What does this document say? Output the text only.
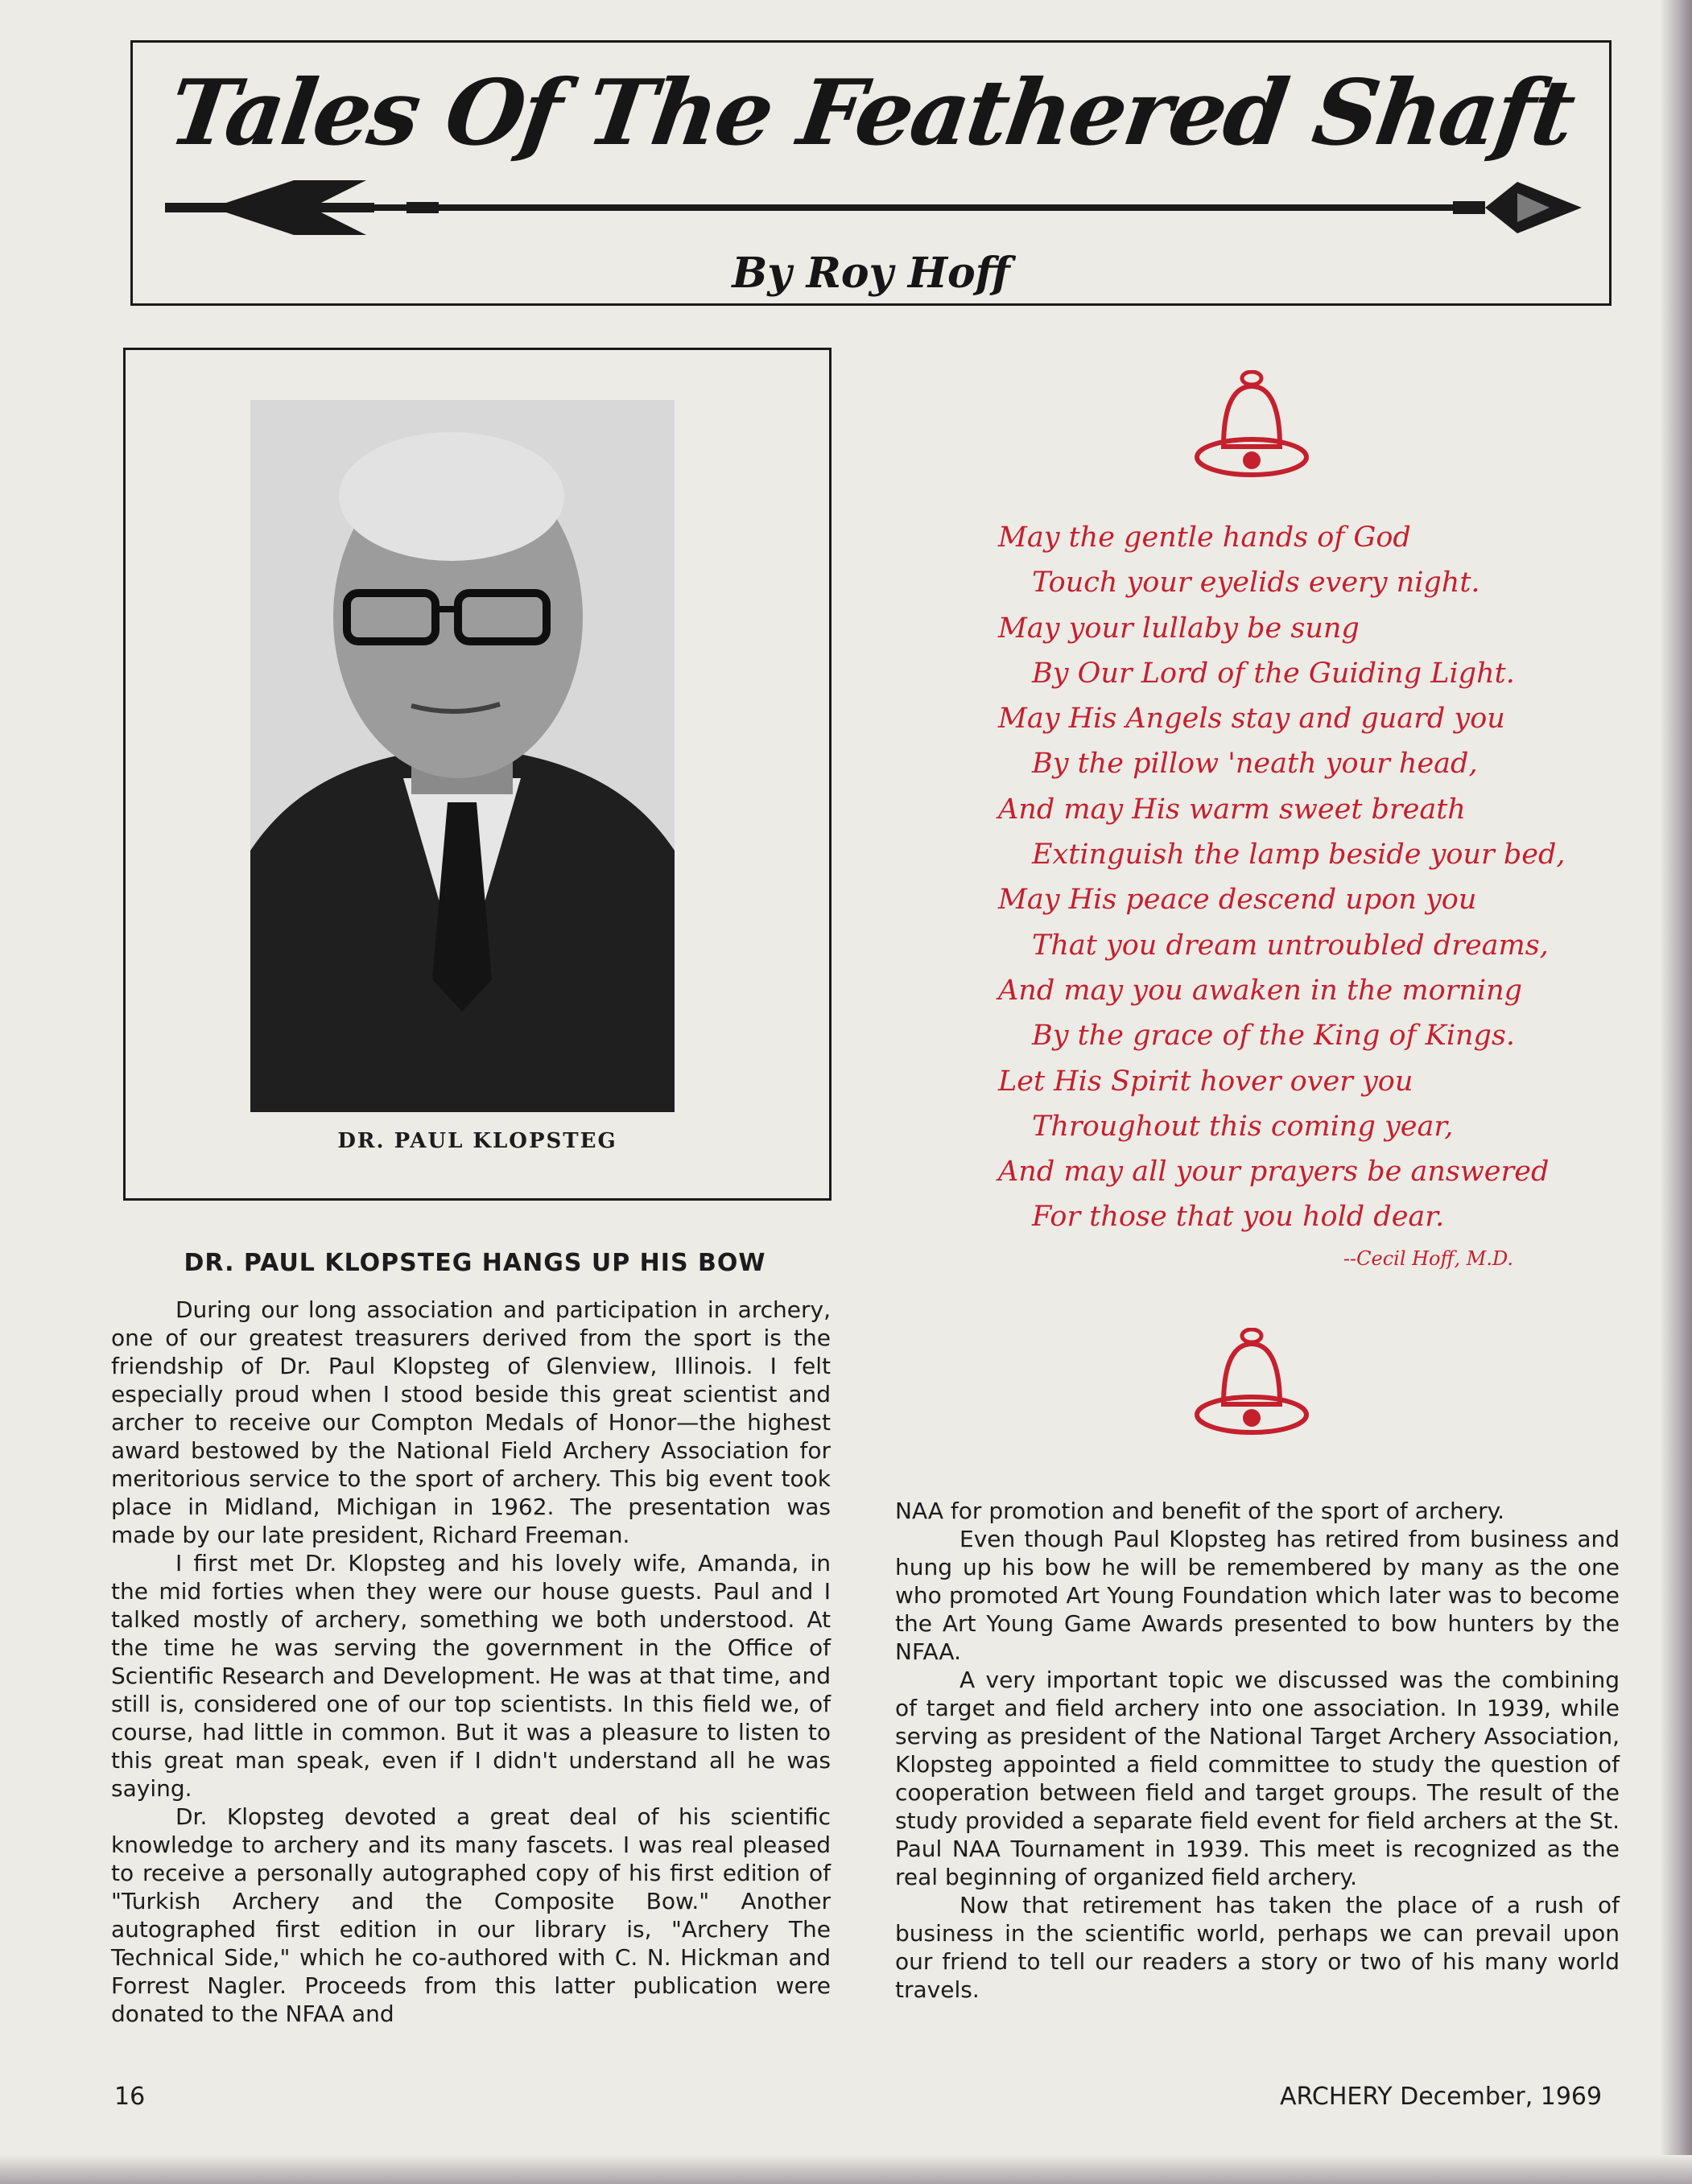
Tales Of The Feathered Shaft
By Roy Hoff
DR. PAUL KLOPSTEG
DR. PAUL KLOPSTEG HANGS UP HIS BOW

During our long association and participation in archery, one of our greatest treasurers derived from the sport is the friendship of Dr. Paul Klopsteg of Glenview, Illinois. I felt especially proud when I stood beside this great scientist and archer to receive our Compton Medals of Honor—the highest award bestowed by the National Field Archery Association for meritorious service to the sport of archery. This big event took place in Midland, Michigan in 1962. The presentation was made by our late president, Richard Freeman.

I first met Dr. Klopsteg and his lovely wife, Amanda, in the mid forties when they were our house guests. Paul and I talked mostly of archery, something we both understood. At the time he was serving the government in the Office of Scientific Research and Development. He was at that time, and still is, considered one of our top scientists. In this field we, of course, had little in common. But it was a pleasure to listen to this great man speak, even if I didn't understand all he was saying.

Dr. Klopsteg devoted a great deal of his scientific knowledge to archery and its many fascets. I was real pleased to receive a personally autographed copy of his first edition of "Turkish Archery and the Composite Bow." Another autographed first edition in our library is, "Archery The Technical Side," which he co-authored with C. N. Hickman and Forrest Nagler. Proceeds from this latter publication were donated to the NFAA and

NAA for promotion and benefit of the sport of archery.

Even though Paul Klopsteg has retired from business and hung up his bow he will be remembered by many as the one who promoted Art Young Foundation which later was to become the Art Young Game Awards presented to bow hunters by the NFAA.

A very important topic we discussed was the combining of target and field archery into one association. In 1939, while serving as president of the National Target Archery Association, Klopsteg appointed a field committee to study the question of cooperation between field and target groups. The result of the study provided a separate field event for field archers at the St. Paul NAA Tournament in 1939. This meet is recognized as the real beginning of organized field archery.

Now that retirement has taken the place of a rush of business in the scientific world, perhaps we can prevail upon our friend to tell our readers a story or two of his many world travels.

May the gentle hands of God
Touch your eyelids every night.
May your lullaby be sung
By Our Lord of the Guiding Light.
May His Angels stay and guard you
By the pillow 'neath your head,
And may His warm sweet breath
Extinguish the lamp beside your bed,
May His peace descend upon you
That you dream untroubled dreams,
And may you awaken in the morning
By the grace of the King of Kings.
Let His Spirit hover over you
Throughout this coming year,
And may all your prayers be answered
For those that you hold dear.
--Cecil Hoff, M.D.
16	ARCHERY December, 1969
